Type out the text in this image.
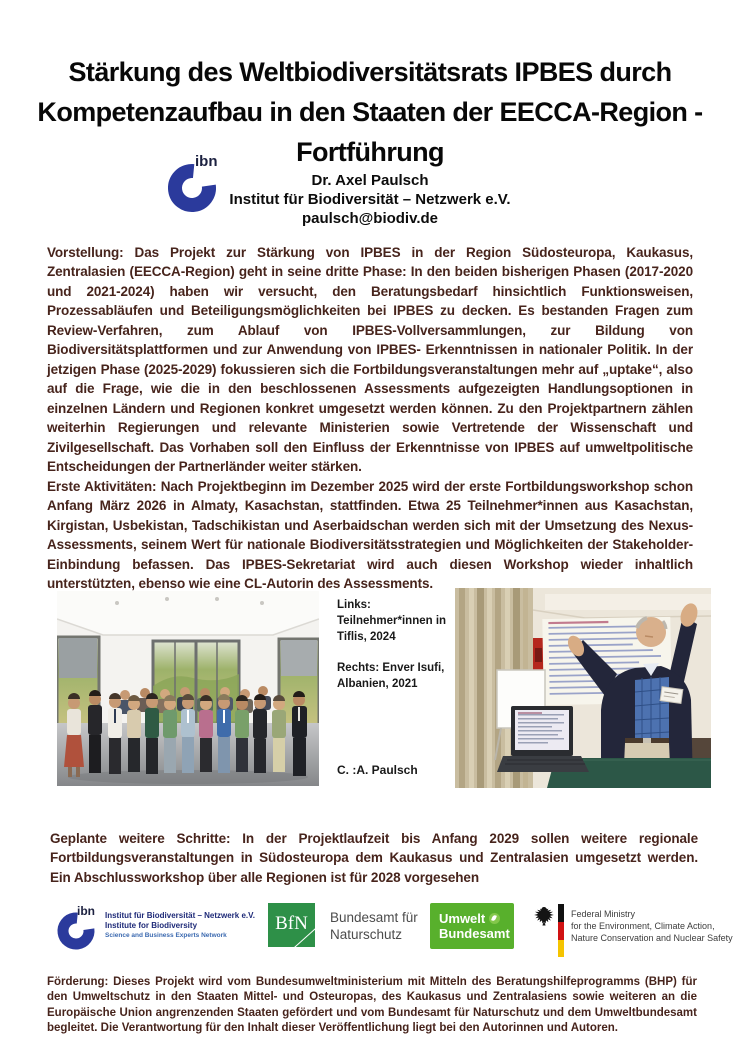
Stärkung des Weltbiodiversitätsrats IPBES durch
Kompetenzaufbau in den Staaten der EECCA-Region -
Fortführung
ibn
Dr. Axel Paulsch
Institut für Biodiversität – Netzwerk e.V.
paulsch@biodiv.de

Vorstellung: Das Projekt zur Stärkung von IPBES in der Region Südosteuropa, Kaukasus, Zentralasien (EECCA-Region) geht in seine dritte Phase: In den beiden bisherigen Phasen (2017-2020 und 2021-2024) haben wir versucht, den Beratungsbedarf hinsichtlich Funktionsweisen, Prozessabläufen und Beteiligungsmöglichkeiten bei IPBES zu decken. Es bestanden Fragen zum Review-Verfahren, zum Ablauf von IPBES-Vollversammlungen, zur Bildung von Biodiversitätsplattformen und zur Anwendung von IPBES- Erkenntnissen in nationaler Politik. In der jetzigen Phase (2025-2029) fokussieren sich die Fortbildungsveranstaltungen mehr auf „uptake“, also auf die Frage, wie die in den beschlossenen Assessments aufgezeigten Handlungsoptionen in einzelnen Ländern und Regionen konkret umgesetzt werden können. Zu den Projektpartnern zählen weiterhin Regierungen und relevante Ministerien sowie Vertretende der Wissenschaft und Zivilgesellschaft. Das Vorhaben soll den Einfluss der Erkenntnisse von IPBES auf umweltpolitische Entscheidungen der Partnerländer weiter stärken.

Erste Aktivitäten: Nach Projektbeginn im Dezember 2025 wird der erste Fortbildungsworkshop schon Anfang März 2026 in Almaty, Kasachstan, stattfinden. Etwa 25 Teilnehmer*innen aus Kasachstan, Kirgistan, Usbekistan, Tadschikistan und Aserbaidschan werden sich mit der Umsetzung des Nexus-Assessments, seinem Wert für nationale Biodiversitätsstrategien und Möglichkeiten der Stakeholder-Einbindung befassen. Das IPBES-Sekretariat wird auch diesen Workshop wieder inhaltlich unterstützten, ebenso wie eine CL-Autorin des Assessments.

Links:
Teilnehmer*innen in
Tiflis, 2024
Rechts: Enver Isufi,
Albanien, 2021
C. :A. Paulsch

Geplante weitere Schritte: In der Projektlaufzeit bis Anfang 2029 sollen weitere regionale Fortbildungsveranstaltungen in Südosteuropa dem Kaukasus und Zentralasien umgesetzt werden. Ein Abschlussworkshop über alle Regionen ist für 2028 vorgesehen

ibn Institut für Biodiversität – Netzwerk e.V.
Institute for Biodiversity
Science and Business Experts Network
BfN	Bundesamt für
Naturschutz
Umwelt
Bundesamt
Federal Ministry
for the Environment, Climate Action,
Nature Conservation and Nuclear Safety

Förderung: Dieses Projekt wird vom Bundesumweltministerium mit Mitteln des Beratungshilfeprogramms (BHP) für den Umweltschutz in den Staaten Mittel- und Osteuropas, des Kaukasus und Zentralasiens sowie weiteren an die Europäische Union angrenzenden Staaten gefördert und vom Bundesamt für Naturschutz und dem Umweltbundesamt begleitet. Die Verantwortung für den Inhalt dieser Veröffentlichung liegt bei den Autorinnen und Autoren.
